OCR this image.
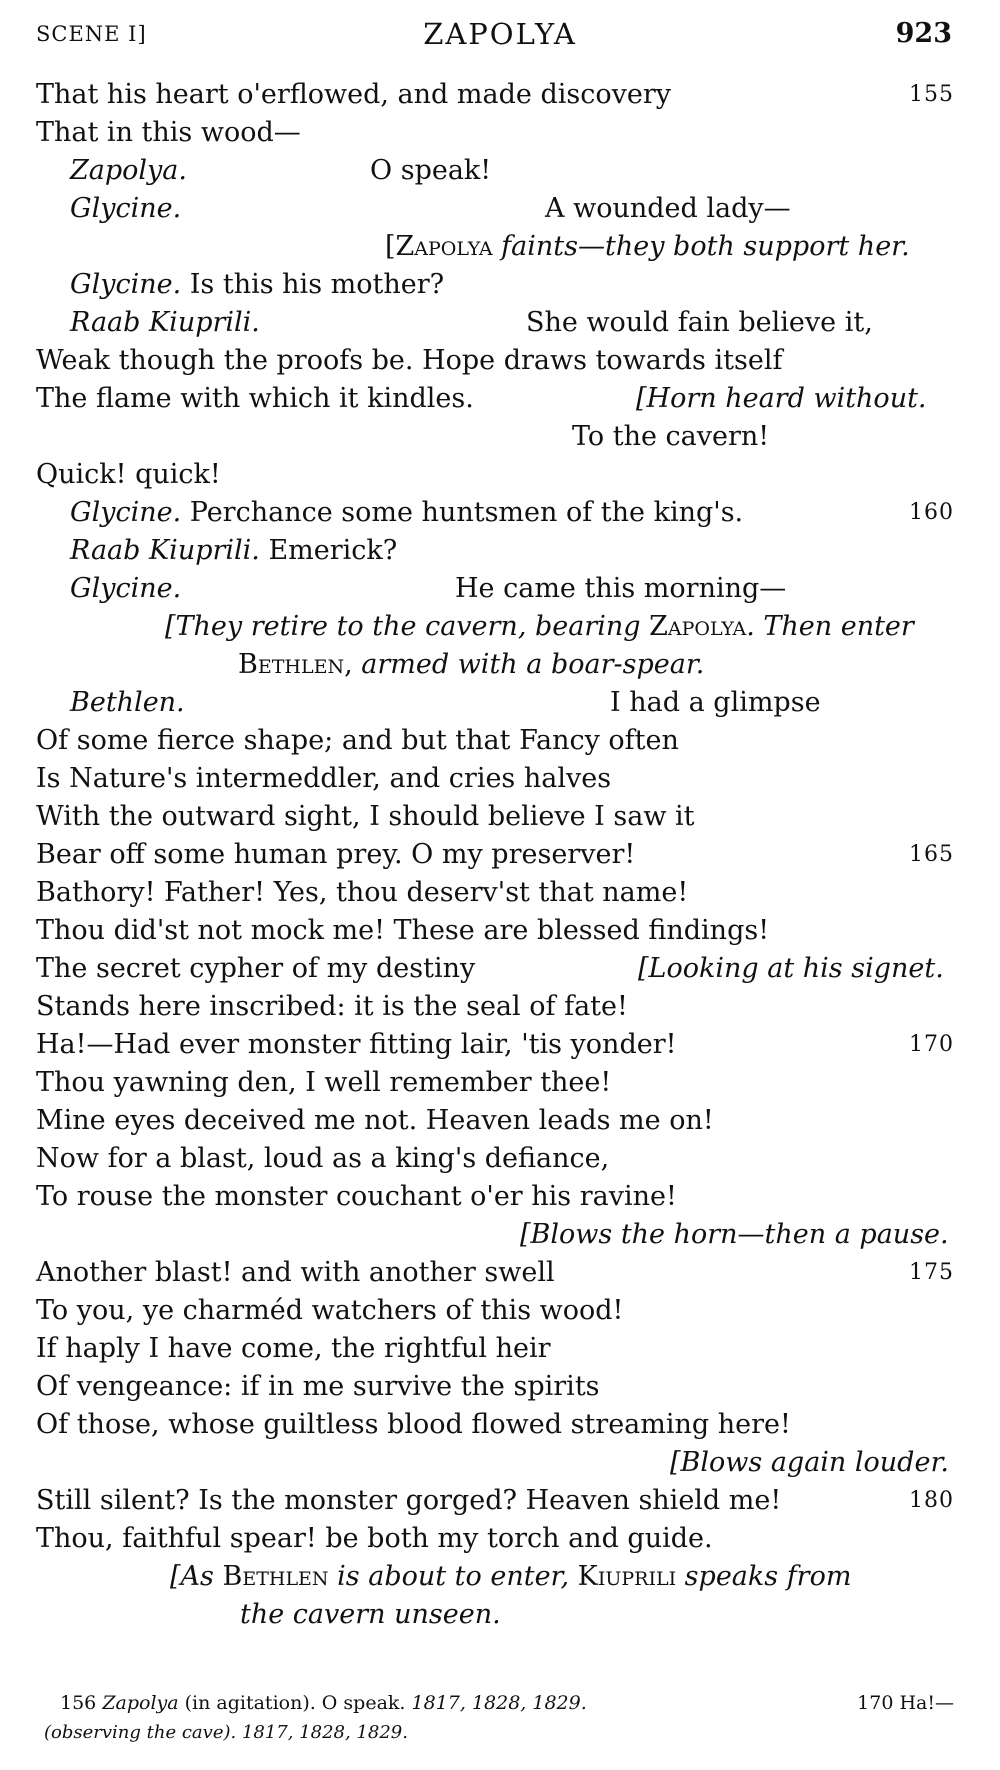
SCENE I]	ZAPOLYA	923
That his heart o'erflowed, and made discovery	155
That in this wood—
Zapolya.	O speak!
Glycine.	A wounded lady—
[Zapolya faints—they both support her.
Glycine. Is this his mother?
Raab Kiuprili.	She would fain believe it,
Weak though the proofs be. Hope draws towards itself
The flame with which it kindles.	[Horn heard without.
To the cavern!
Quick! quick!
Glycine. Perchance some huntsmen of the king's.	160
Raab Kiuprili. Emerick?
Glycine.	He came this morning—
[They retire to the cavern, bearing Zapolya. Then enter
Bethlen, armed with a boar-spear.
Bethlen.	I had a glimpse
Of some fierce shape; and but that Fancy often
Is Nature's intermeddler, and cries halves
With the outward sight, I should believe I saw it
Bear off some human prey. O my preserver!	165
Bathory! Father! Yes, thou deserv'st that name!
Thou did'st not mock me! These are blessed findings!
The secret cypher of my destiny	[Looking at his signet.
Stands here inscribed: it is the seal of fate!
Ha!—Had ever monster fitting lair, 'tis yonder!	170
Thou yawning den, I well remember thee!
Mine eyes deceived me not. Heaven leads me on!
Now for a blast, loud as a king's defiance,
To rouse the monster couchant o'er his ravine!
[Blows the horn—then a pause.
Another blast! and with another swell	175
To you, ye charméd watchers of this wood!
If haply I have come, the rightful heir
Of vengeance: if in me survive the spirits
Of those, whose guiltless blood flowed streaming here!
[Blows again louder.
Still silent? Is the monster gorged? Heaven shield me!	180
Thou, faithful spear! be both my torch and guide.
[As Bethlen is about to enter, Kiuprili speaks from
the cavern unseen.
156 Zapolya (in agitation). O speak. 1817, 1828, 1829.	170 Ha!—
(observing the cave). 1817, 1828, 1829.
